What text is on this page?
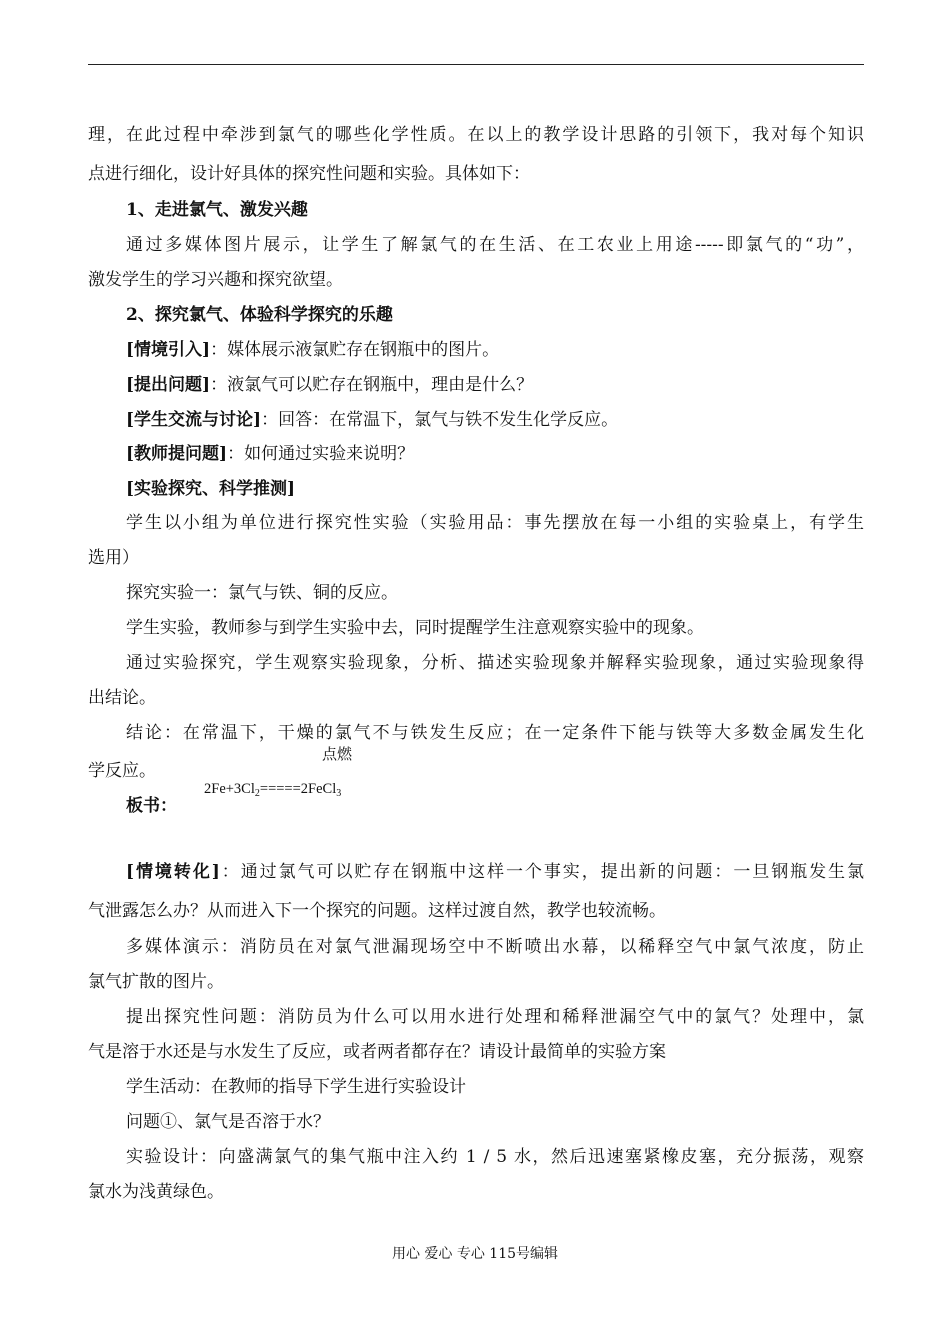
理，在此过程中牵涉到氯气的哪些化学性质。在以上的教学设计思路的引领下，我对每个知识
点进行细化，设计好具体的探究性问题和实验。具体如下：
1、走进氯气、激发兴趣
通过多媒体图片展示，让学生了解氯气的在生活、在工农业上用途-----即氯气的“功”，
激发学生的学习兴趣和探究欲望。
2、探究氯气、体验科学探究的乐趣
[情境引入]：媒体展示液氯贮存在钢瓶中的图片。
[提出问题]：液氯气可以贮存在钢瓶中，理由是什么？
[学生交流与讨论]：回答：在常温下，氯气与铁不发生化学反应。
[教师提问题]：如何通过实验来说明？
[实验探究、科学推测]
学生以小组为单位进行探究性实验（实验用品：事先摆放在每一小组的实验桌上，有学生
选用）
探究实验一：氯气与铁、铜的反应。
学生实验，教师参与到学生实验中去，同时提醒学生注意观察实验中的现象。
通过实验探究，学生观察实验现象，分析、描述实验现象并解释实验现象，通过实验现象得
出结论。
结论：在常温下，干燥的氯气不与铁发生反应；在一定条件下能与铁等大多数金属发生化
学反应。
点燃
$2Fe+3Cl_2=====2FeCl_3$
板书：
[情境转化]：通过氯气可以贮存在钢瓶中这样一个事实，提出新的问题：一旦钢瓶发生氯
气泄露怎么办？从而进入下一个探究的问题。这样过渡自然，教学也较流畅。
多媒体演示：消防员在对氯气泄漏现场空中不断喷出水幕，以稀释空气中氯气浓度，防止
氯气扩散的图片。
提出探究性问题：消防员为什么可以用水进行处理和稀释泄漏空气中的氯气？处理中，氯
气是溶于水还是与水发生了反应，或者两者都存在？请设计最简单的实验方案
学生活动：在教师的指导下学生进行实验设计
问题①、氯气是否溶于水？
实验设计：向盛满氯气的集气瓶中注入约 1 / 5 水，然后迅速塞紧橡皮塞，充分振荡，观察
氯水为浅黄绿色。
用心 爱心 专心 115号编辑
